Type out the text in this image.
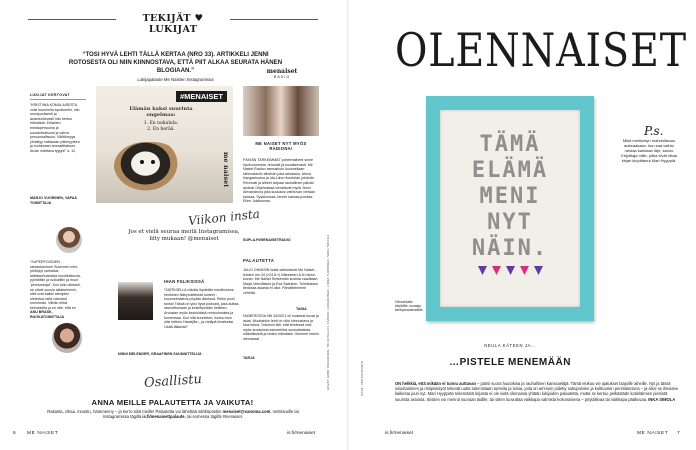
TEKIJÄT ♥ LUKIJAT
“TOSI HYVÄ LEHTI TÄLLÄ KERTAA (NRO 33). ARTIKKELI JENNI ROTOSESTA OLI NIIN KIINNOSTAVA, ETTÄ PIIT ALKAA SEURATA HÄNEN BLOGIAAN.”
Lukijapalaute Me Naisten Instagramissa
LUKIJAT KERTOVAT
“KRISTIINA KOMULAISESTA voisi kuunnella loputtomiin, niin monipuolisesti ja asiantuntevasti hän kertoo elämästä. Erilainen mediapersoona ja suoraviivaisuus ja vahva persoonallisuus. Välittömyys yhdistyy valtavaan pätevyyteen ja muhkeaan ammattitaitoon. Aivan mahtava tyyppi!” s. 12,
MARJO VUORINEN, VAPAA TOIMITTAJA
“SUPERFOODIEN rantautuminen Suomeen mini-pöllöytyi varhaisia lattiatanhuamisia muotiesikuvia, pyöräiltiin ja ruokailtiin ja muut ‘perusmarjat’. Kun tulin oikeasti, ne olivat vuosia aikaisemmin, että ovat kaikki aiempien oletettua vielä varmasti enemmän. Vähän ehkä kehuskella ja en näe, että en
ANU BRASK, RUOKATOIMITTAJA
#MENAISET
Elämän kaksi suurinta ongelmaa:
1. En nukahda.
2. En herää.
me naiset
Viikon insta
Jos et vielä seuraa meitä Instagramissa, liity mukaan! @menaiset
menaiset
RADIO
ME NAISET NYT MYÖS RADIONA!
PÄIVÄN TÄRKEIMMÄT puheenaiheet sinne hyvinvoinnista, rennosti ja suvaitsevasti. Me Naiset Radion aamushow kuunnellaan kiinnostaviin aiheisiin joka arkiaamu. Alexa Kangasluoma ja Ida-Liina Huurtelan johdolla. Rennosti ja aiheet tarjoaa rauhallinen päivän aloitus! Ohjelmassa vierailevat myös Jenni Alexandrova joka kuukausi vaihtuvan vieraan kanssa. Syyskuussa Jennin kanssa juontaa Ellen Jokikunnas.
SUPLA.FI/MENAISETRADIO
IHAN FIILIKSISSÄ
“SATEISELLA viikolla löydettiin mindfulness-henkinen Näkymättömät tunteet -kuunnelmateos pöydän ääressä. Reilut puoli tuntia! Tässä on yksi hyvä podcast, joka auttaa rauhoittumaan ja keskittymään hetkeen. Arvostan myös keskinäistä rentoutumista ja tunnelmaa. Kun sitä kuuntelee, tuntuu kuin olisi hetken Havaijilla – ja vieläpä ilmaiseksi. Lisää tällaista!”
NINNI MELENDER, GRAAFINEN SUUNNITTELIJA
PALAUTETTA
JULKI OIKAISIN lisäsi sähköisesti Me Naiset -lehden nro 34 («24.8.») liitteeseen A-N minun kuvan. Me Naiset Seitsemän kuvista vaaditaan Marja Vehviläisen ja Eva Saarisen. Toimituksen tiedossa asiasta ei ollut. Pahoittelemme virhettä.
TAINA
NUMEROSSA NN 34/2021 oli mukavat kuvat ja asiat. Muutoinkin lehti on ollut kiinnostava ja kiva lukea. Toivoisin silti, että lehdessä olisi myös kuvauksia esimerkiksi suomalaisista eläkeläisistä ja niiden elämästä. Olemme mekin olemassa!
TARJA	KUVAT: EMMI KORHONEN, TAIJA PELLIN, JAAKKO LUKKARINEN, LINDA TUOMINEN, SAKU SOIKKU
Osallistu
ANNA MEILLE PALAUTETTA JA VAIKUTA!
Rakasta, vihaa, innostu, hämmenny – ja kerro siitä meille! Palautetta voi lähettää sähköpostiin menaiset@sanoma.com, nettisivuille tai Instagramissa tägillä is.fi/menaiset/palaute, tai somessa tägillä #menaiset.
6 ME NAISET	is.fi/menaiset
OLENNAISET
TÄMÄ
ELÄMÄ
MENI
NYT
NÄIN.
Olivvarikalle käsitöille, kuvaaja kehitysvammaisille.
KUVA: IISA ERIKSSON
P.s.
Mikä merkkelyn mahdollisuus aukeaakaan, kun saa vaihto neulaa kankaan läpi, sanoo Kirjoittaja niille, jotka eivät ottaa kirjan kirjoittanut Mari Hyyppiä.
NEULA KÄTEEN JA…
…PISTELE MENEMÄÄN
ON helkkiä, että mikään ei tunnu auttavan – paitsi suora huutokisa ja rauhallinen kanssaeläjä. Tämä elokuu vie ajatukset laajoille aiheille. Nyt ja tässä sisustaminen ja ristipistotyöt tekevät uutta tulemistaan tunteita ja toisia, joita on ammoin pidetty sukupolvien ja kulttuurien perimätietona – ja siksi se ilmaisee kaikesta juuri nyt. Mari Hyyppiän tekemästä kirjasta ei ole vielä olemassa yhtään lukijoiden palautetta, mutta se kertoo pelkästään kotieläimien pienistä suurista asioista. Siistien voi mennä suoraan äidille, tai sitten luovuttaa vaikkapa valmista kokonaisena – pöytäliinaa tai vaikkapa pääkuvaa. INKA SIMOLA
is.fi/menaiset	ME NAISET 7
